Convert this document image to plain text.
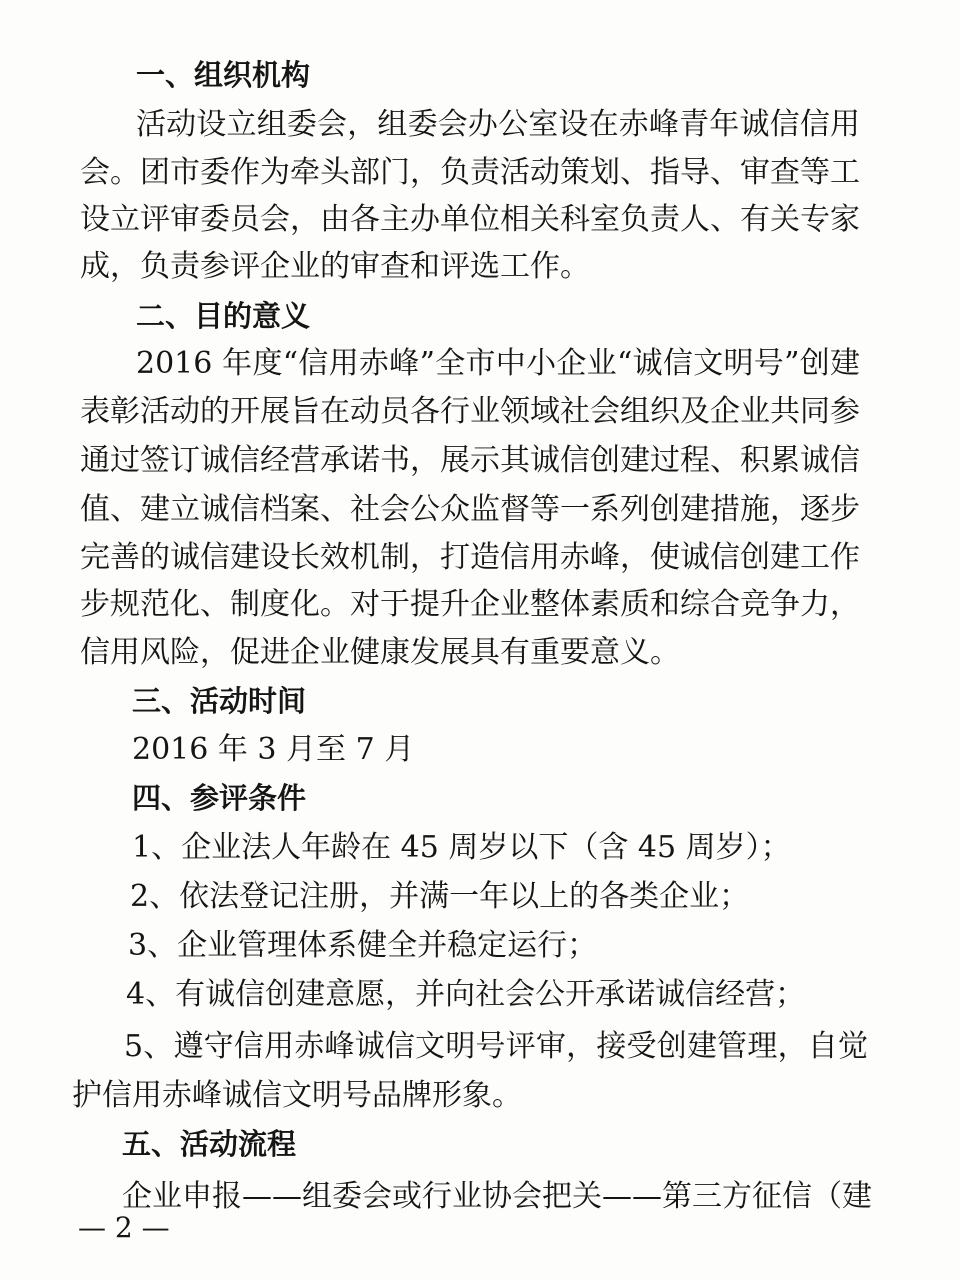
一、组织机构
活动设立组委会，组委会办公室设在赤峰青年诚信信用
会。团市委作为牵头部门，负责活动策划、指导、审查等工
设立评审委员会，由各主办单位相关科室负责人、有关专家
成，负责参评企业的审查和评选工作。
二、目的意义
2016 年度“信用赤峰”全市中小企业“诚信文明号”创建
表彰活动的开展旨在动员各行业领域社会组织及企业共同参
通过签订诚信经营承诺书，展示其诚信创建过程、积累诚信
值、建立诚信档案、社会公众监督等一系列创建措施，逐步
完善的诚信建设长效机制，打造信用赤峰，使诚信创建工作
步规范化、制度化。对于提升企业整体素质和综合竞争力，
信用风险，促进企业健康发展具有重要意义。
三、活动时间
2016 年 3 月至 7 月
四、参评条件
1、企业法人年龄在 45 周岁以下（含 45 周岁）；
2、依法登记注册，并满一年以上的各类企业；
3、企业管理体系健全并稳定运行；
4、有诚信创建意愿，并向社会公开承诺诚信经营；
5、遵守信用赤峰诚信文明号评审，接受创建管理，自觉
护信用赤峰诚信文明号品牌形象。
五、活动流程
企业申报——组委会或行业协会把关——第三方征信（建
— 2 —
